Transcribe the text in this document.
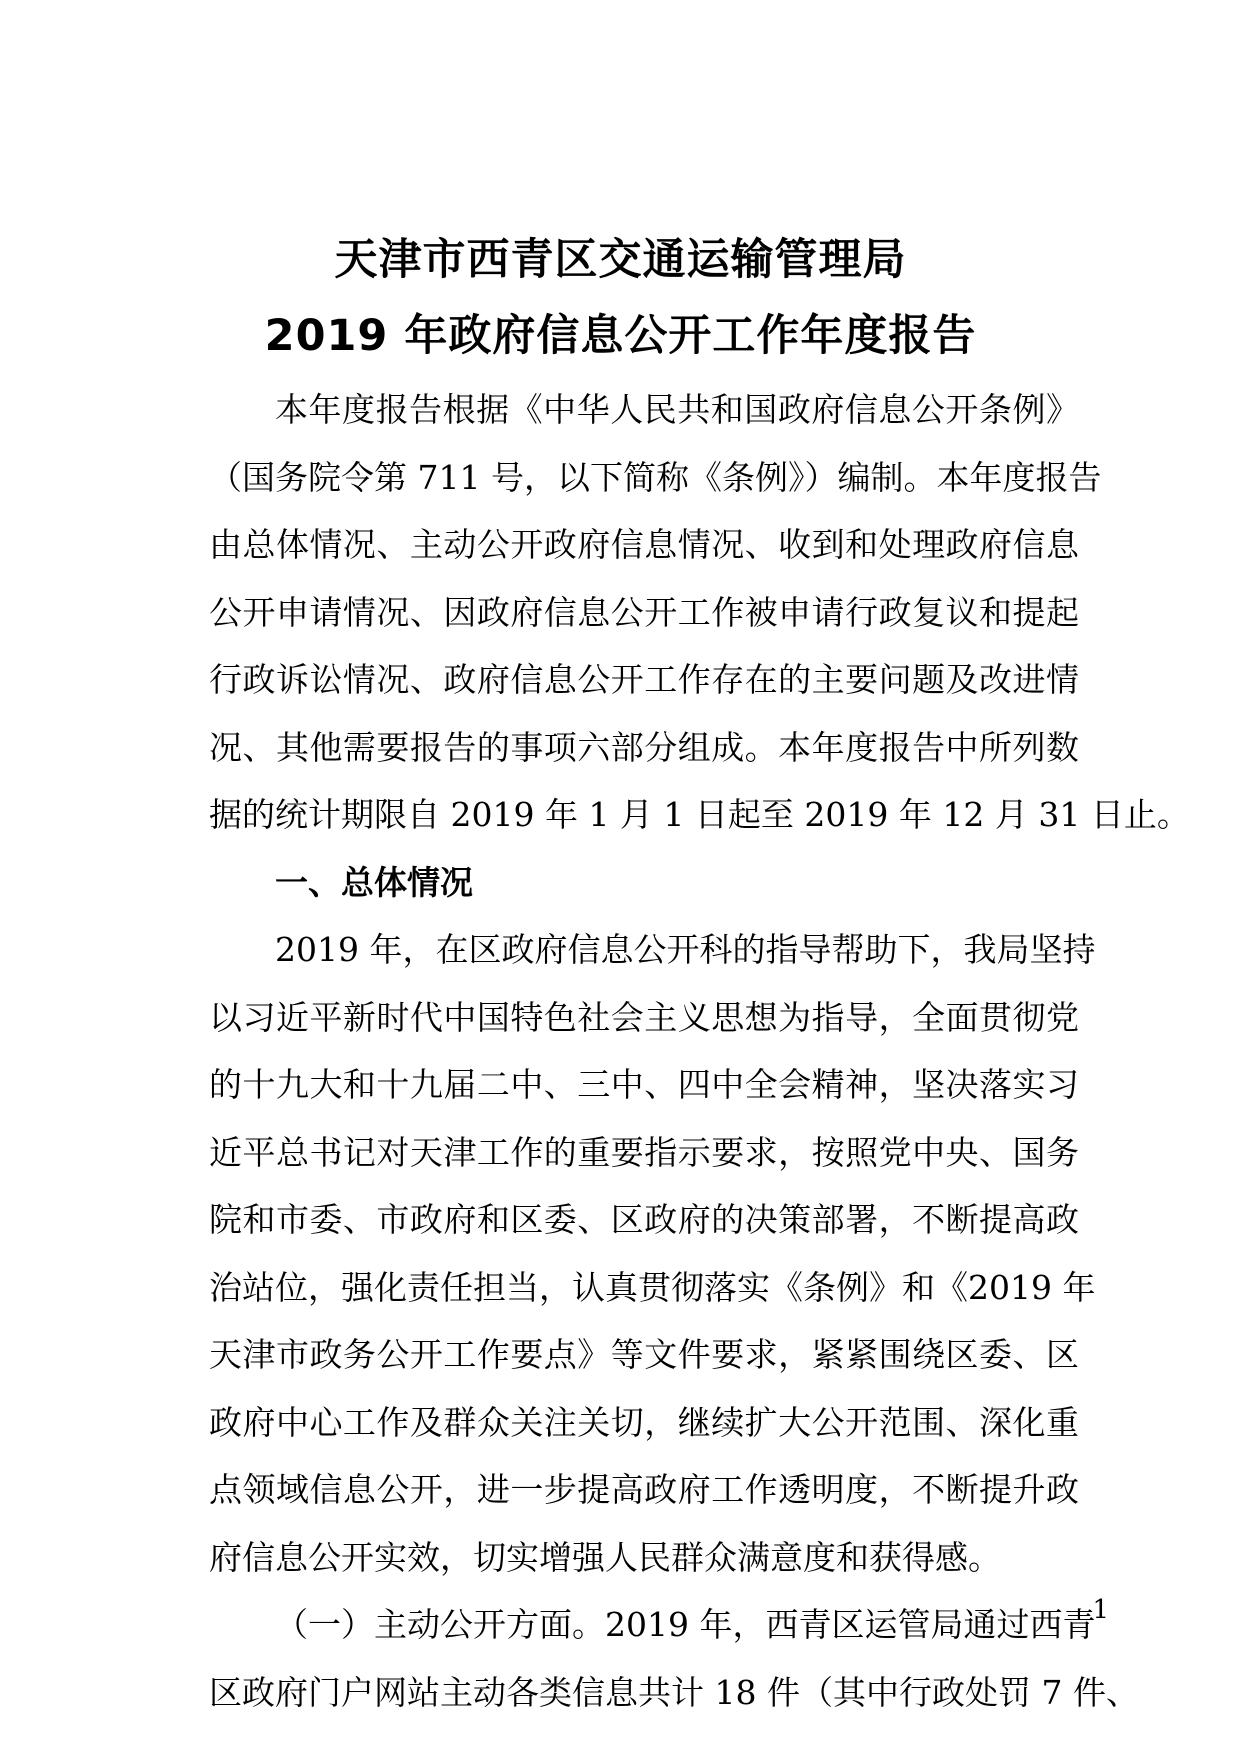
天津市西青区交通运输管理局
2019 年政府信息公开工作年度报告
本年度报告根据《中华人民共和国政府信息公开条例》
（国务院令第 711 号，以下简称《条例》）编制。本年度报告
由总体情况、主动公开政府信息情况、收到和处理政府信息
公开申请情况、因政府信息公开工作被申请行政复议和提起
行政诉讼情况、政府信息公开工作存在的主要问题及改进情
况、其他需要报告的事项六部分组成。本年度报告中所列数
据的统计期限自 2019 年 1 月 1 日起至 2019 年 12 月 31 日止。
一、总体情况
2019 年，在区政府信息公开科的指导帮助下，我局坚持
以习近平新时代中国特色社会主义思想为指导，全面贯彻党
的十九大和十九届二中、三中、四中全会精神，坚决落实习
近平总书记对天津工作的重要指示要求，按照党中央、国务
院和市委、市政府和区委、区政府的决策部署，不断提高政
治站位，强化责任担当，认真贯彻落实《条例》和《2019 年
天津市政务公开工作要点》等文件要求，紧紧围绕区委、区
政府中心工作及群众关注关切，继续扩大公开范围、深化重
点领域信息公开，进一步提高政府工作透明度，不断提升政
府信息公开实效，切实增强人民群众满意度和获得感。
（一）主动公开方面。2019 年，西青区运管局通过西青
区政府门户网站主动各类信息共计 18 件（其中行政处罚 7 件、
1
